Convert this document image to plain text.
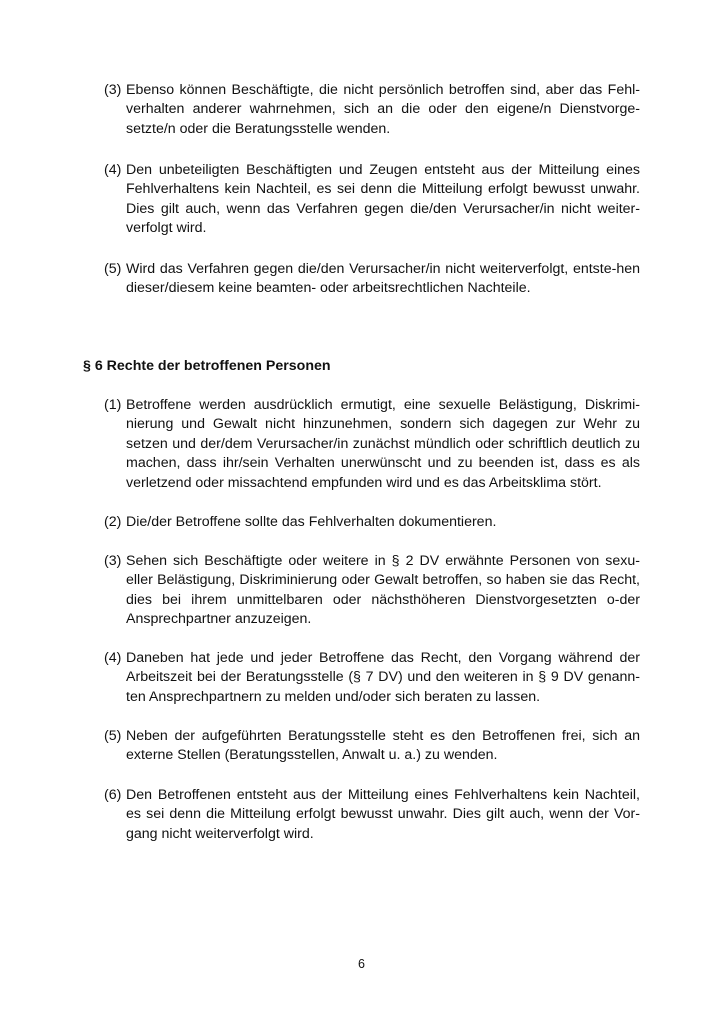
(3) Ebenso können Beschäftigte, die nicht persönlich betroffen sind, aber das Fehl-verhalten anderer wahrnehmen, sich an die oder den eigene/n Dienstvorge-setzte/n oder die Beratungsstelle wenden.
(4) Den unbeteiligten Beschäftigten und Zeugen entsteht aus der Mitteilung eines Fehlverhaltens kein Nachteil, es sei denn die Mitteilung erfolgt bewusst unwahr. Dies gilt auch, wenn das Verfahren gegen die/den Verursacher/in nicht weiter-verfolgt wird.
(5) Wird das Verfahren gegen die/den Verursacher/in nicht weiterverfolgt, entste-hen dieser/diesem keine beamten- oder arbeitsrechtlichen Nachteile.
§ 6 Rechte der betroffenen Personen
(1) Betroffene werden ausdrücklich ermutigt, eine sexuelle Belästigung, Diskrimi-nierung und Gewalt nicht hinzunehmen, sondern sich dagegen zur Wehr zu setzen und der/dem Verursacher/in zunächst mündlich oder schriftlich deutlich zu machen, dass ihr/sein Verhalten unerwünscht und zu beenden ist, dass es als verletzend oder missachtend empfunden wird und es das Arbeitsklima stört.
(2) Die/der Betroffene sollte das Fehlverhalten dokumentieren.
(3) Sehen sich Beschäftigte oder weitere in § 2 DV erwähnte Personen von sexu-eller Belästigung, Diskriminierung oder Gewalt betroffen, so haben sie das Recht, dies bei ihrem unmittelbaren oder nächsthöheren Dienstvorgesetzten o-der Ansprechpartner anzuzeigen.
(4) Daneben hat jede und jeder Betroffene das Recht, den Vorgang während der Arbeitszeit bei der Beratungsstelle (§ 7 DV) und den weiteren in § 9 DV genann-ten Ansprechpartnern zu melden und/oder sich beraten zu lassen.
(5) Neben der aufgeführten Beratungsstelle steht es den Betroffenen frei, sich an externe Stellen (Beratungsstellen, Anwalt u. a.) zu wenden.
(6) Den Betroffenen entsteht aus der Mitteilung eines Fehlverhaltens kein Nachteil, es sei denn die Mitteilung erfolgt bewusst unwahr. Dies gilt auch, wenn der Vor-gang nicht weiterverfolgt wird.
6
